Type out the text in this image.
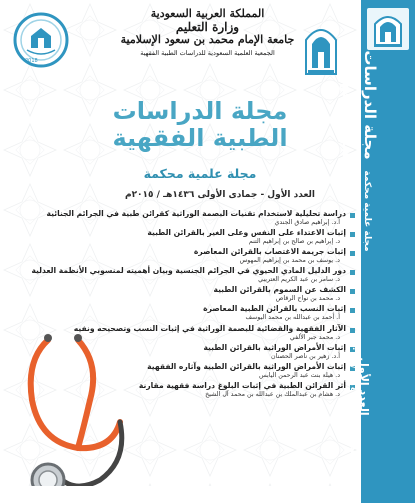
2018
المملكة العربية السعودية
وزارة التعليم
جامعة الإمام محمد بن سعود الإسلامية
الجمعية العلمية السعودية للدراسات الطبية الفقهية
مجلة الدراسات
الطبية الفقهية
مجلة علمية محكمة
العدد الأول - جمادى الأولى ١٤٣٦هـ / ٢٠١٥م
دراسة تحليلية لاستخدام تقنيات البصمة الوراثية كقرائن طبية في الجرائم الجنائية
أ.د. إبراهيم صادق الجندي
إثبات الاعتداء على النفس وعلى الغير بالقرائن الطبية
د. إبراهيم بن صالح بن إبراهيم التنم
إثبات جريمة الاغتصاب بالقرائن المعاصرة
د. يوسف بن محمد بن إبراهيم المهوس
دور الدليل المادي الحيوي في الجرائم الجنسية وبيان أهميته لمنسوبي الأنظمة العدلية
د. سامر بن عبد الكريم العتريبي
الكشف عن السموم بالقرائن الطبية
د. محمد بن نواح الرقاص
إثبات النسب بالقرائن الطبية المعاصرة
أ. أحمد بن عبدالله بن محمد اليوسف
الآثار الفقهية والقضائية للبصمة الوراثية في إثبات النسب وتصحيحه ونفيه
د. محمد جبر الألفي
إثبات الأمراض الوراثية بالقرائن الطبية
أ.د. زهير بن ناصر الحصنان
إثبات الأمراض الوراثية بالقرائن الطبية وآثاره الفقهية
د. هيلة بنت عبد الرحمن اليابس
أثر القرائن الطبية في إثبات البلوغ دراسة فقهية مقارنة
د. هشام بن عبدالملك بن عبدالله بن محمد آل الشيخ
مجلة الدراسات
الطبية الفقهية
مجلة علمية محكمة
العدد الأول
جمادى الأولى ١٤٣٦هـ / ٢٠١٥م
